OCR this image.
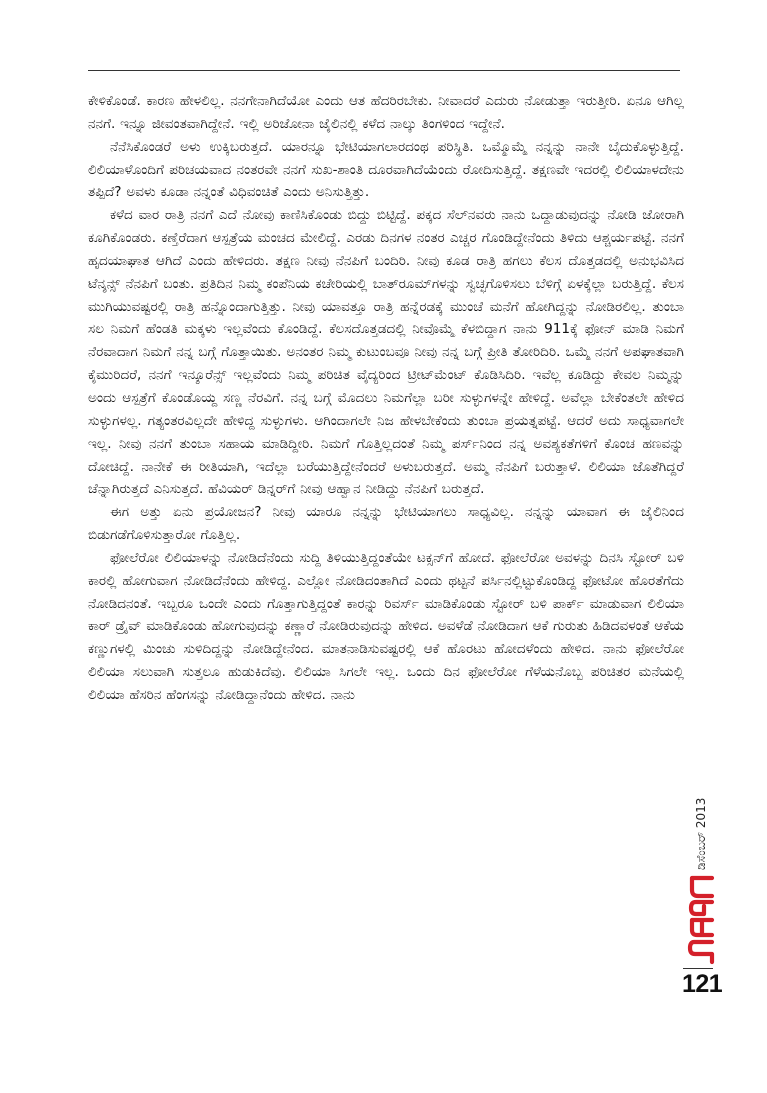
ಕೇಳಿಕೊಂಡೆ. ಕಾರಣ ಹೇಳಲಿಲ್ಲ. ನನಗೇನಾಗಿದೆಯೋ ಎಂದು ಆತ ಹೆದರಿರಬೇಕು. ನೀವಾದರೆ ಎದುರು ನೋಡುತ್ತಾ ಇರುತ್ತೀರಿ. ಏನೂ ಆಗಿಲ್ಲ ನನಗೆ. ಇನ್ನೂ ಜೀವಂತವಾಗಿದ್ದೇನೆ. ಇಲ್ಲಿ ಅರಿಜೋನಾ ಜೈಲಿನಲ್ಲಿ ಕಳೆದ ನಾಲ್ಕು ತಿಂಗಳಿಂದ ಇದ್ದೇನೆ.

ನೆನೆಸಿಕೊಂಡರೆ ಅಳು ಉಕ್ಕಿಬರುತ್ತದೆ. ಯಾರನ್ನೂ ಭೇಟಿಯಾಗಲಾರದಂಥ ಪರಿಸ್ಥಿತಿ. ಒಮ್ಮೊಮ್ಮೆ ನನ್ನನ್ನು ನಾನೇ ಬೈದುಕೊಳ್ಳುತ್ತಿದ್ದೆ. ಲಿಲಿಯಾಳೊಂದಿಗೆ ಪರಿಚಯವಾದ ನಂತರವೇ ನನಗೆ ಸುಖ-ಶಾಂತಿ ದೂರವಾಗಿದೆಯೆಂದು ರೋದಿಸುತ್ತಿದ್ದೆ. ತಕ್ಷಣವೇ ಇದರಲ್ಲಿ ಲಿಲಿಯಾಳದೇನು ತಪ್ಪಿದೆ? ಅವಳು ಕೂಡಾ ನನ್ನಂತೆ ವಿಧಿವಂಚಿತೆ ಎಂದು ಅನಿಸುತ್ತಿತ್ತು.

ಕಳೆದ ವಾರ ರಾತ್ರಿ ನನಗೆ ಎದೆ ನೋವು ಕಾಣಿಸಿಕೊಂಡು ಬಿದ್ದು ಬಿಟ್ಟಿದ್ದೆ. ಪಕ್ಕದ ಸೆಲ್‌ನವರು ನಾನು ಒದ್ದಾಡುವುದನ್ನು ನೋಡಿ ಜೋರಾಗಿ ಕೂಗಿಕೊಂಡರು. ಕಣ್ತೆರೆದಾಗ ಆಸ್ಪತ್ರೆಯ ಮಂಚದ ಮೇಲಿದ್ದೆ. ಎರಡು ದಿನಗಳ ನಂತರ ಎಚ್ಚರ ಗೊಂಡಿದ್ದೇನೆಂದು ತಿಳಿದು ಆಶ್ಚರ್ಯಪಟ್ಟೆ. ನನಗೆ ಹೃದಯಾಘಾತ ಆಗಿದೆ ಎಂದು ಹೇಳಿದರು. ತಕ್ಷಣ ನೀವು ನೆನಪಿಗೆ ಬಂದಿರಿ. ನೀವು ಕೂಡ ರಾತ್ರಿ ಹಗಲು ಕೆಲಸ ದೊತ್ತಡದಲ್ಲಿ ಅನುಭವಿಸಿದ ಟೆನ್ಶನ್ಸ್ ನೆನಪಿಗೆ ಬಂತು. ಪ್ರತಿದಿನ ನಿಮ್ಮ ಕಂಪೆನಿಯ ಕಚೇರಿಯಲ್ಲಿ ಬಾತ್‌ರೂಮ್‌ಗಳನ್ನು ಸ್ವಚ್ಛಗೊಳಿಸಲು ಬೆಳಿಗ್ಗೆ ಏಳಕ್ಕೆಲ್ಲಾ ಬರುತ್ತಿದ್ದೆ. ಕೆಲಸ ಮುಗಿಯುವಷ್ಟರಲ್ಲಿ ರಾತ್ರಿ ಹನ್ನೊಂದಾಗುತ್ತಿತ್ತು. ನೀವು ಯಾವತ್ತೂ ರಾತ್ರಿ ಹನ್ನೆರಡಕ್ಕೆ ಮುಂಚೆ ಮನೆಗೆ ಹೋಗಿದ್ದನ್ನು ನೋಡಿರಲಿಲ್ಲ. ತುಂಬಾ ಸಲ ನಿಮಗೆ ಹೆಂಡತಿ ಮಕ್ಕಳು ಇಲ್ಲವೆಂದು ಕೊಂಡಿದ್ದೆ. ಕೆಲಸದೊತ್ತಡದಲ್ಲಿ ನೀವೊಮ್ಮೆ ಕೆಳಬಿದ್ದಾಗ ನಾನು 911ಕ್ಕೆ ಫೋನ್ ಮಾಡಿ ನಿಮಗೆ ನೆರವಾದಾಗ ನಿಮಗೆ ನನ್ನ ಬಗ್ಗೆ ಗೊತ್ತಾಯಿತು. ಅನಂತರ ನಿಮ್ಮ ಕುಟುಂಬವೂ ನೀವು ನನ್ನ ಬಗ್ಗೆ ಪ್ರೀತಿ ತೋರಿದಿರಿ. ಒಮ್ಮೆ ನನಗೆ ಅಪಘಾತವಾಗಿ ಕೈಮುರಿದರೆ, ನನಗೆ ಇನ್ಶೂರೆನ್ಸ್ ಇಲ್ಲವೆಂದು ನಿಮ್ಮ ಪರಿಚಿತ ವೈದ್ಯರಿಂದ ಟ್ರೀಟ್‌ಮೆಂಟ್ ಕೊಡಿಸಿದಿರಿ. ಇವೆಲ್ಲ ಕೂಡಿದ್ದು ಕೇವಲ ನಿಮ್ಮನ್ನು ಅಂದು ಆಸ್ಪತ್ರೆಗೆ ಕೊಂಡೊಯ್ದ ಸಣ್ಣ ನೆರವಿಗೆ. ನನ್ನ ಬಗ್ಗೆ ಮೊದಲು ನಿಮಗೆಲ್ಲಾ ಬರೀ ಸುಳ್ಳುಗಳನ್ನೇ ಹೇಳಿದ್ದೆ. ಅವೆಲ್ಲಾ ಬೇಕೆಂತಲೇ ಹೇಳಿದ ಸುಳ್ಳುಗಳಲ್ಲ. ಗತ್ಯಂತರವಿಲ್ಲದೇ ಹೇಳಿದ್ದ ಸುಳ್ಳುಗಳು. ಆಗಿಂದಾಗಲೇ ನಿಜ ಹೇಳಬೇಕೆಂದು ತುಂಬಾ ಪ್ರಯತ್ನಪಟ್ಟೆ. ಆದರೆ ಅದು ಸಾಧ್ಯವಾಗಲೇ ಇಲ್ಲ. ನೀವು ನನಗೆ ತುಂಬಾ ಸಹಾಯ ಮಾಡಿದ್ದೀರಿ. ನಿಮಗೆ ಗೊತ್ತಿಲ್ಲದಂತೆ ನಿಮ್ಮ ಪರ್ಸ್‌ನಿಂದ ನನ್ನ ಅವಶ್ಯಕತೆಗಳಿಗೆ ಕೊಂಚ ಹಣವನ್ನು ದೋಚಿದ್ದೆ. ನಾನೇಕೆ ಈ ರೀತಿಯಾಗಿ, ಇದೆಲ್ಲಾ ಬರೆಯುತ್ತಿದ್ದೇನೆಂದರೆ ಅಳುಬರುತ್ತದೆ. ಅಮ್ಮ ನೆನಪಿಗೆ ಬರುತ್ತಾಳೆ. ಲಿಲಿಯಾ ಜೊತೆಗಿದ್ದರೆ ಚೆನ್ನಾಗಿರುತ್ತದೆ ಎನಿಸುತ್ತದೆ. ಹೆವಿಯರ್ ಡಿನ್ನರ್‌ಗೆ ನೀವು ಆಹ್ವಾನ ನೀಡಿದ್ದು ನೆನಪಿಗೆ ಬರುತ್ತದೆ.

ಈಗ ಅತ್ತು ಏನು ಪ್ರಯೋಜನ? ನೀವು ಯಾರೂ ನನ್ನನ್ನು ಭೇಟಿಯಾಗಲು ಸಾಧ್ಯವಿಲ್ಲ. ನನ್ನನ್ನು ಯಾವಾಗ ಈ ಜೈಲಿನಿಂದ ಬಿಡುಗಡೆಗೊಳಿಸುತ್ತಾರೋ ಗೊತ್ತಿಲ್ಲ.

ಫೋಲೆರೋ ಲಿಲಿಯಾಳನ್ನು ನೋಡಿದೆನೆಂದು ಸುದ್ದಿ ತಿಳಿಯುತ್ತಿದ್ದಂತೆಯೇ ಟಕ್ಸನ್‌ಗೆ ಹೋದೆ. ಫೋಲೆರೋ ಅವಳನ್ನು ದಿನಸಿ ಸ್ಟೋರ್ ಬಳಿ ಕಾರಲ್ಲಿ ಹೋಗುವಾಗ ನೋಡಿದೆನೆಂದು ಹೇಳಿದ್ದ. ಎಲ್ಲೋ ನೋಡಿದಂತಾಗಿದೆ ಎಂದು ಥಟ್ಟನೆ ಪರ್ಸಿನಲ್ಲಿಟ್ಟುಕೊಂಡಿದ್ದ ಫೋಟೋ ಹೊರತೆಗೆದು ನೋಡಿದನಂತೆ. ಇಬ್ಬರೂ ಒಂದೇ ಎಂದು ಗೊತ್ತಾಗುತ್ತಿದ್ದಂತೆ ಕಾರನ್ನು ರಿವರ್ಸ್ ಮಾಡಿಕೊಂಡು ಸ್ಟೋರ್ ಬಳಿ ಪಾರ್ಕ್ ಮಾಡುವಾಗ ಲಿಲಿಯಾ ಕಾರ್ ಡ್ರೈವ್ ಮಾಡಿಕೊಂಡು ಹೋಗುವುದನ್ನು ಕಣ್ಣಾರೆ ನೋಡಿರುವುದನ್ನು ಹೇಳಿದ. ಅವಳೆಡೆ ನೋಡಿದಾಗ ಆಕೆ ಗುರುತು ಹಿಡಿದವಳಂತೆ ಆಕೆಯ ಕಣ್ಣುಗಳಲ್ಲಿ ಮಿಂಚು ಸುಳಿದಿದ್ದನ್ನು ನೋಡಿದ್ದೇನೆಂದ. ಮಾತನಾಡಿಸುವಷ್ಟರಲ್ಲಿ ಆಕೆ ಹೊರಟು ಹೋದಳೆಂದು ಹೇಳಿದ. ನಾನು ಫೋಲೆರೋ ಲಿಲಿಯಾ ಸಲುವಾಗಿ ಸುತ್ತಲೂ ಹುಡುಕಿದೆವು. ಲಿಲಿಯಾ ಸಿಗಲೇ ಇಲ್ಲ. ಒಂದು ದಿನ ಫೋಲೆರೋ ಗೆಳೆಯನೊಬ್ಬ ಪರಿಚಿತರ ಮನೆಯಲ್ಲಿ ಲಿಲಿಯಾ ಹೆಸರಿನ ಹೆಂಗಸನ್ನು ನೋಡಿದ್ದಾನೆಂದು ಹೇಳಿದ. ನಾನು

ಡಿಸೆಂಬರ್ 2013
121
